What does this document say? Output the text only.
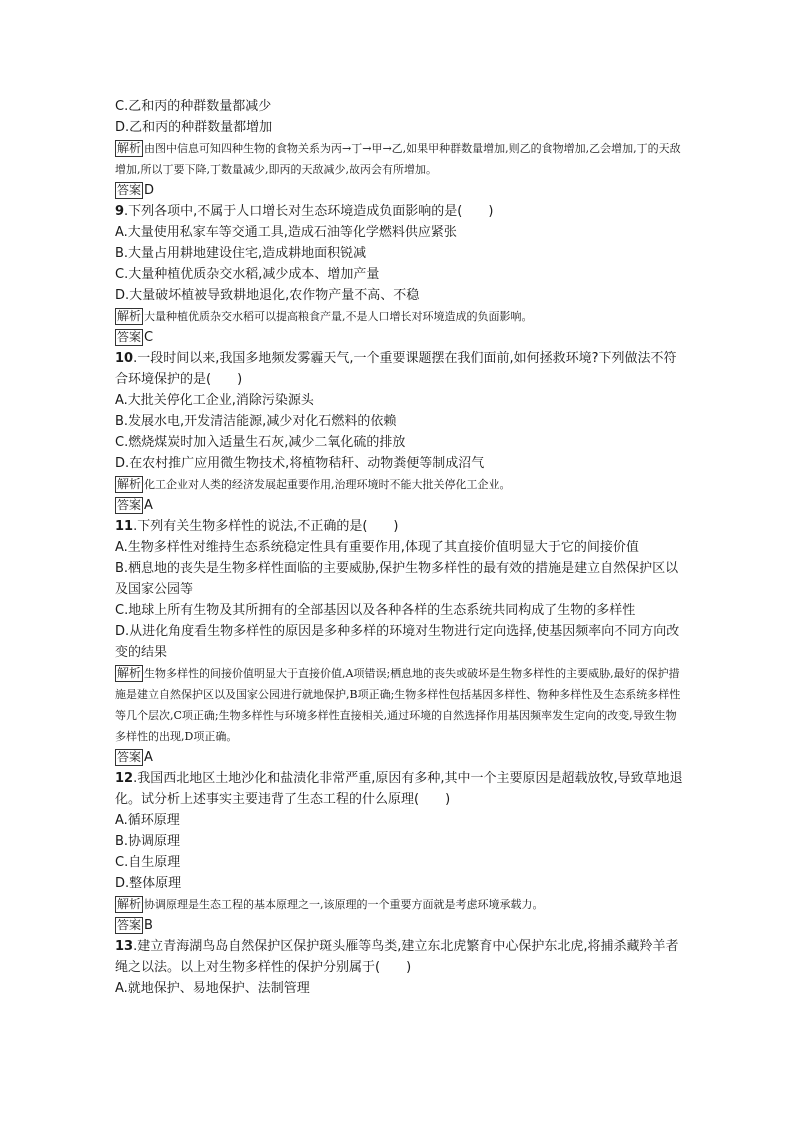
C.乙和丙的种群数量都减少
D.乙和丙的种群数量都增加
解析 由图中信息可知四种生物的食物关系为丙→丁→甲→乙,如果甲种群数量增加,则乙的食物增加,乙会增加,丁的天敌增加,所以丁要下降,丁数量减少,即丙的天敌减少,故丙会有所增加。
答案 D
9.下列各项中,不属于人口增长对生态环境造成负面影响的是(　　)
A.大量使用私家车等交通工具,造成石油等化学燃料供应紧张
B.大量占用耕地建设住宅,造成耕地面积锐减
C.大量种植优质杂交水稻,减少成本、增加产量
D.大量破坏植被导致耕地退化,农作物产量不高、不稳
解析 大量种植优质杂交水稻可以提高粮食产量,不是人口增长对环境造成的负面影响。
答案 C
10.一段时间以来,我国多地频发雾霾天气,一个重要课题摆在我们面前,如何拯救环境?下列做法不符合环境保护的是(　　)
A.大批关停化工企业,消除污染源头
B.发展水电,开发清洁能源,减少对化石燃料的依赖
C.燃烧煤炭时加入适量生石灰,减少二氧化硫的排放
D.在农村推广应用微生物技术,将植物秸秆、动物粪便等制成沼气
解析 化工企业对人类的经济发展起重要作用,治理环境时不能大批关停化工企业。
答案 A
11.下列有关生物多样性的说法,不正确的是(　　)
A.生物多样性对维持生态系统稳定性具有重要作用,体现了其直接价值明显大于它的间接价值
B.栖息地的丧失是生物多样性面临的主要威胁,保护生物多样性的最有效的措施是建立自然保护区以及国家公园等
C.地球上所有生物及其所拥有的全部基因以及各种各样的生态系统共同构成了生物的多样性
D.从进化角度看生物多样性的原因是多种多样的环境对生物进行定向选择,使基因频率向不同方向改变的结果
解析 生物多样性的间接价值明显大于直接价值,A项错误;栖息地的丧失或破坏是生物多样性的主要威胁,最好的保护措施是建立自然保护区以及国家公园进行就地保护,B项正确;生物多样性包括基因多样性、物种多样性及生态系统多样性等几个层次,C项正确;生物多样性与环境多样性直接相关,通过环境的自然选择作用基因频率发生定向的改变,导致生物多样性的出现,D项正确。
答案 A
12.我国西北地区土地沙化和盐渍化非常严重,原因有多种,其中一个主要原因是超载放牧,导致草地退化。试分析上述事实主要违背了生态工程的什么原理(　　)
A.循环原理
B.协调原理
C.自生原理
D.整体原理
解析 协调原理是生态工程的基本原理之一,该原理的一个重要方面就是考虑环境承载力。
答案 B
13.建立青海湖鸟岛自然保护区保护斑头雁等鸟类,建立东北虎繁育中心保护东北虎,将捕杀藏羚羊者绳之以法。以上对生物多样性的保护分别属于(　　)
A.就地保护、易地保护、法制管理
